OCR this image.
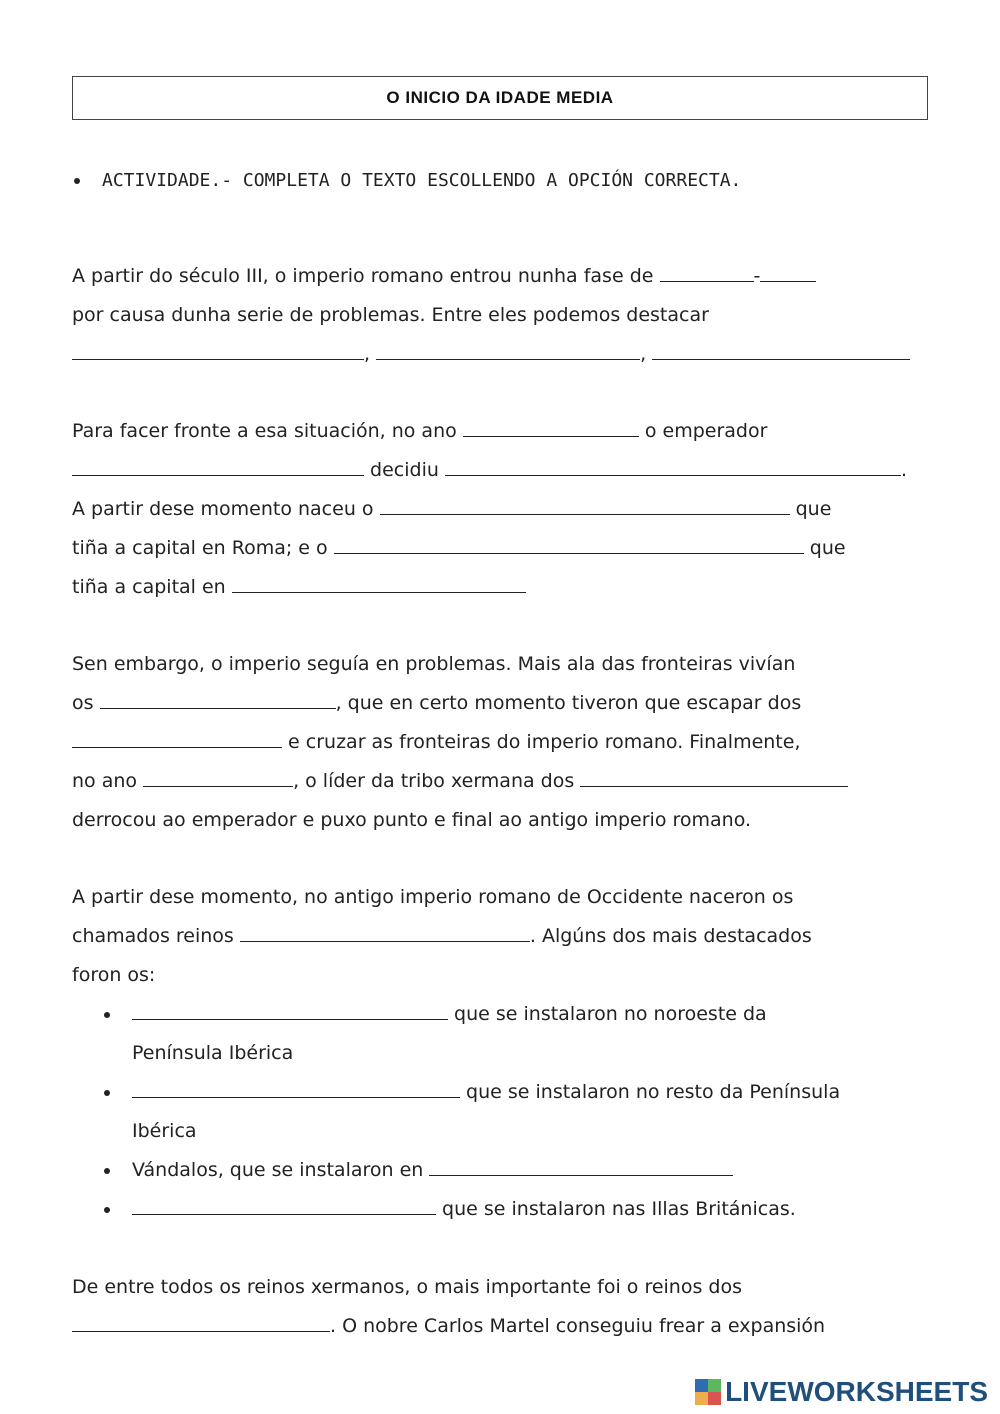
O INICIO DA IDADE MEDIA
ACTIVIDADE.- COMPLETA O TEXTO ESCOLLENDO A OPCIÓN CORRECTA.
A partir do século III, o imperio romano entrou nunha fase de	-
por causa dunha serie de problemas. Entre eles podemos destacar
,	,
Para facer fronte a esa situación, no ano	o emperador
decidiu	.
A partir dese momento naceu o	que
tiña a capital en Roma; e o	que
tiña a capital en
Sen embargo, o imperio seguía en problemas. Mais ala das fronteiras vivían
os	, que en certo momento tiveron que escapar dos
e cruzar as fronteiras do imperio romano. Finalmente,
no ano	, o líder da tribo xermana dos
derrocou ao emperador e puxo punto e final ao antigo imperio romano.
A partir dese momento, no antigo imperio romano de Occidente naceron os
chamados reinos	. Algúns dos mais destacados
foron os:
que se instalaron no noroeste da
Península Ibérica
que se instalaron no resto da Península
Ibérica
Vándalos, que se instalaron en
que se instalaron nas Illas Británicas.
De entre todos os reinos xermanos, o mais importante foi o reinos dos
. O nobre Carlos Martel conseguiu frear a expansión
LIVEWORKSHEETS
